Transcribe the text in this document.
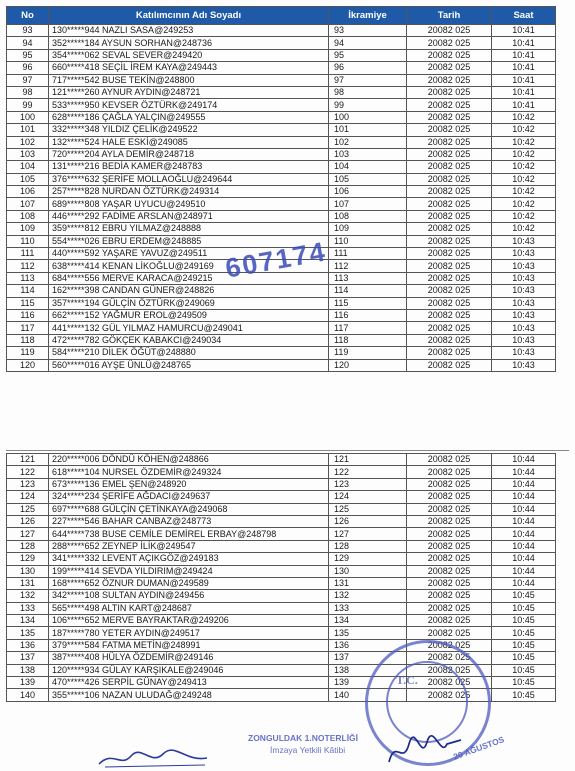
No	Katılımcının Adı Soyadı	İkramiye	Tarih	Saat
93	130*****944 NAZLI SASA@249253	93	20082 025	10:41
94	352*****184 AYSUN SORHAN@248736	94	20082 025	10:41
95	354*****062 SEVAL SEVER@249420	95	20082 025	10:41
96	660*****418 SEÇİL İREM KAYA@249443	96	20082 025	10:41
97	717*****542 BUSE TEKİN@248800	97	20082 025	10:41
98	121*****260 AYNUR AYDIN@248721	98	20082 025	10:41
99	533*****950 KEVSER ÖZTÜRK@249174	99	20082 025	10:41
100	628*****186 ÇAĞLA YALÇIN@249555	100	20082 025	10:42
101	332*****348 YILDIZ ÇELİK@249522	101	20082 025	10:42
102	132*****524 HALE ESKİ@249085	102	20082 025	10:42
103	720*****204 AYLA DEMİR@248718	103	20082 025	10:42
104	131*****216 BEDİA KAMER@248783	104	20082 025	10:42
105	376*****632 ŞERİFE MOLLAOĞLU@249644	105	20082 025	10:42
106	257*****828 NURDAN ÖZTÜRK@249314	106	20082 025	10:42
107	689*****808 YAŞAR UYUCU@249510	107	20082 025	10:42
108	446*****292 FADİME ARSLAN@248971	108	20082 025	10:42
109	359*****812 EBRU YILMAZ@248888	109	20082 025	10:42
110	554*****026 EBRU ERDEM@248885	110	20082 025	10:43
111	440*****592 YAŞARE YAVUZ@249511	111	20082 025	10:43
112	638*****414 KENAN LİKOĞLU@249169	112	20082 025	10:43
113	684*****556 MERVE KARACA@249215	113	20082 025	10:43
114	162*****398 CANDAN GÜNER@248826	114	20082 025	10:43
115	357*****194 GÜLÇİN ÖZTÜRK@249069	115	20082 025	10:43
116	662*****152 YAĞMUR EROL@249509	116	20082 025	10:43
117	441*****132 GÜL YILMAZ HAMURCU@249041	117	20082 025	10:43
118	472*****782 GÖKÇEK KABAKCI@249034	118	20082 025	10:43
119	584*****210 DİLEK ÖĞÜT@248880	119	20082 025	10:43
120	560*****016 AYŞE ÜNLÜ@248765	120	20082 025	10:43
121	220*****006 DÖNDÜ KÖHEN@248866	121	20082 025	10:44
122	618*****104 NURSEL ÖZDEMİR@249324	122	20082 025	10:44
123	673*****136 EMEL ŞEN@248920	123	20082 025	10:44
124	324*****234 ŞERİFE AĞDACI@249637	124	20082 025	10:44
125	697*****688 GÜLÇİN ÇETİNKAYA@249068	125	20082 025	10:44
126	227*****546 BAHAR CANBAZ@248773	126	20082 025	10:44
127	644*****738 BUSE CEMİLE DEMİREL ERBAY@248798	127	20082 025	10:44
128	288*****652 ZEYNEP İLİK@249547	128	20082 025	10:44
129	341*****332 LEVENT AÇIKGÖZ@249183	129	20082 025	10:44
130	199*****414 SEVDA YILDIRIM@249424	130	20082 025	10:44
131	168*****652 ÖZNUR DUMAN@249589	131	20082 025	10:44
132	342*****108 SULTAN AYDIN@249456	132	20082 025	10:45
133	565*****498 ALTIN KART@248687	133	20082 025	10:45
134	106*****652 MERVE BAYRAKTAR@249206	134	20082 025	10:45
135	187*****780 YETER AYDIN@249517	135	20082 025	10:45
136	379*****584 FATMA METİN@248991	136	20082 025	10:45
137	387*****408 HÜLYA ÖZDEMİR@249146	137	20082 025	10:45
138	120*****934 GÜLAY KARŞIKALE@249046	138	20082 025	10:45
139	470*****426 SERPİL GÜNAY@249413	139	20082 025	10:45
140	355*****106 NAZAN ULUDAĞ@249248	140	20082 025	10:45
607174
T.C.
ZONGULDAK 1.NOTERLİĞİ
İmzaya Yetkili Kâtibi	20 AĞUSTOS
